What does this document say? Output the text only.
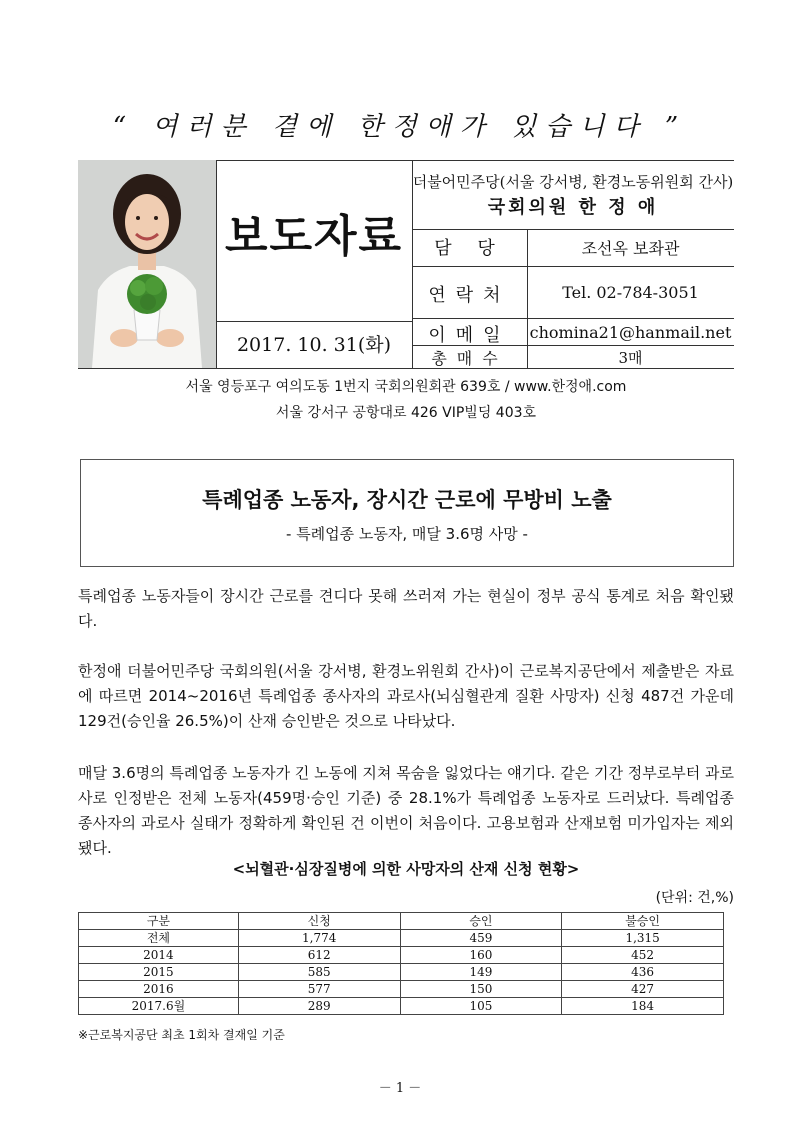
“ 여러분 곁에 한정애가 있습니다 ”
보도자료
2017. 10. 31(화)
더불어민주당(서울 강서병, 환경노동위원회 간사)
국회의원 한 정 애
담 당	조선옥 보좌관
연락처	Tel. 02-784-3051
이메일	chomina21@hanmail.net
총매수	3매
서울 영등포구 여의도동 1번지 국회의원회관 639호 / www.한정애.com
서울 강서구 공항대로 426 VIP빌딩 403호
특례업종 노동자, 장시간 근로에 무방비 노출
- 특례업종 노동자, 매달 3.6명 사망 -
특례업종 노동자들이 장시간 근로를 견디다 못해 쓰러져 가는 현실이 정부 공식 통계로 처음 확인됐다.
한정애 더불어민주당 국회의원(서울 강서병, 환경노위원회 간사)이 근로복지공단에서 제출받은 자료에 따르면 2014~2016년 특례업종 종사자의 과로사(뇌심혈관계 질환 사망자) 신청 487건 가운데 129건(승인율 26.5%)이 산재 승인받은 것으로 나타났다.
매달 3.6명의 특례업종 노동자가 긴 노동에 지쳐 목숨을 잃었다는 얘기다. 같은 기간 정부로부터 과로사로 인정받은 전체 노동자(459명·승인 기준) 중 28.1%가 특례업종 노동자로 드러났다. 특례업종 종사자의 과로사 실태가 정확하게 확인된 건 이번이 처음이다. 고용보험과 산재보험 미가입자는 제외됐다.
<뇌혈관·심장질병에 의한 사망자의 산재 신청 현황>
(단위: 건,%)
구분	신청	승인	불승인
전체	1,774	459	1,315
2014	612	160	452
2015	585	149	436
2016	577	150	427
2017.6월	289	105	184
※근로복지공단 최초 1회차 결재일 기준
－ 1 －
